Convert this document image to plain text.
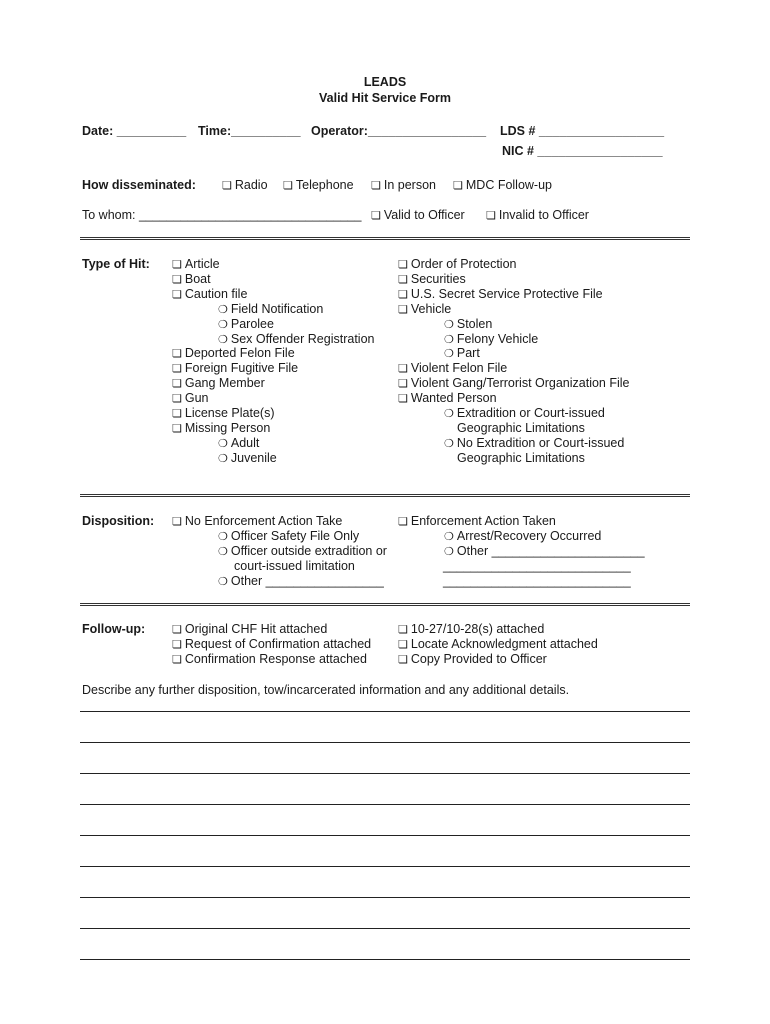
LEADS
Valid Hit Service Form
Date: __________ Time:__________ Operator:_________________ LDS # __________________
NIC # __________________
How disseminated:	❏ Radio	❏ Telephone	❏ In person	❏ MDC Follow-up
To whom: ________________________________	❏ Valid to Officer	❏ Invalid to Officer
Type of Hit:	❏ Article
❏ Boat
❏ Caution file
❍ Field Notification
❍ Parolee
❍ Sex Offender Registration
❏ Deported Felon File
❏ Foreign Fugitive File
❏ Gang Member
❏ Gun
❏ License Plate(s)
❏ Missing Person
❍ Adult
❍ Juvenile
❏ Order of Protection
❏ Securities
❏ U.S. Secret Service Protective File
❏ Vehicle
❍ Stolen
❍ Felony Vehicle
❍ Part
❏ Violent Felon File
❏ Violent Gang/Terrorist Organization File
❏ Wanted Person
❍ Extradition or Court-issued
Geographic Limitations
❍ No Extradition or Court-issued
Geographic Limitations
Disposition:	❏ No Enforcement Action Take
❍ Officer Safety File Only
❍ Officer outside extradition or
court-issued limitation
❍ Other _________________
❏ Enforcement Action Taken
❍ Arrest/Recovery Occurred
❍ Other ______________________
___________________________
___________________________
Follow-up:	❏ Original CHF Hit attached
❏ Request of Confirmation attached
❏ Confirmation Response attached
❏ 10-27/10-28(s) attached
❏ Locate Acknowledgment attached
❏ Copy Provided to Officer
Describe any further disposition, tow/incarcerated information and any additional details.
